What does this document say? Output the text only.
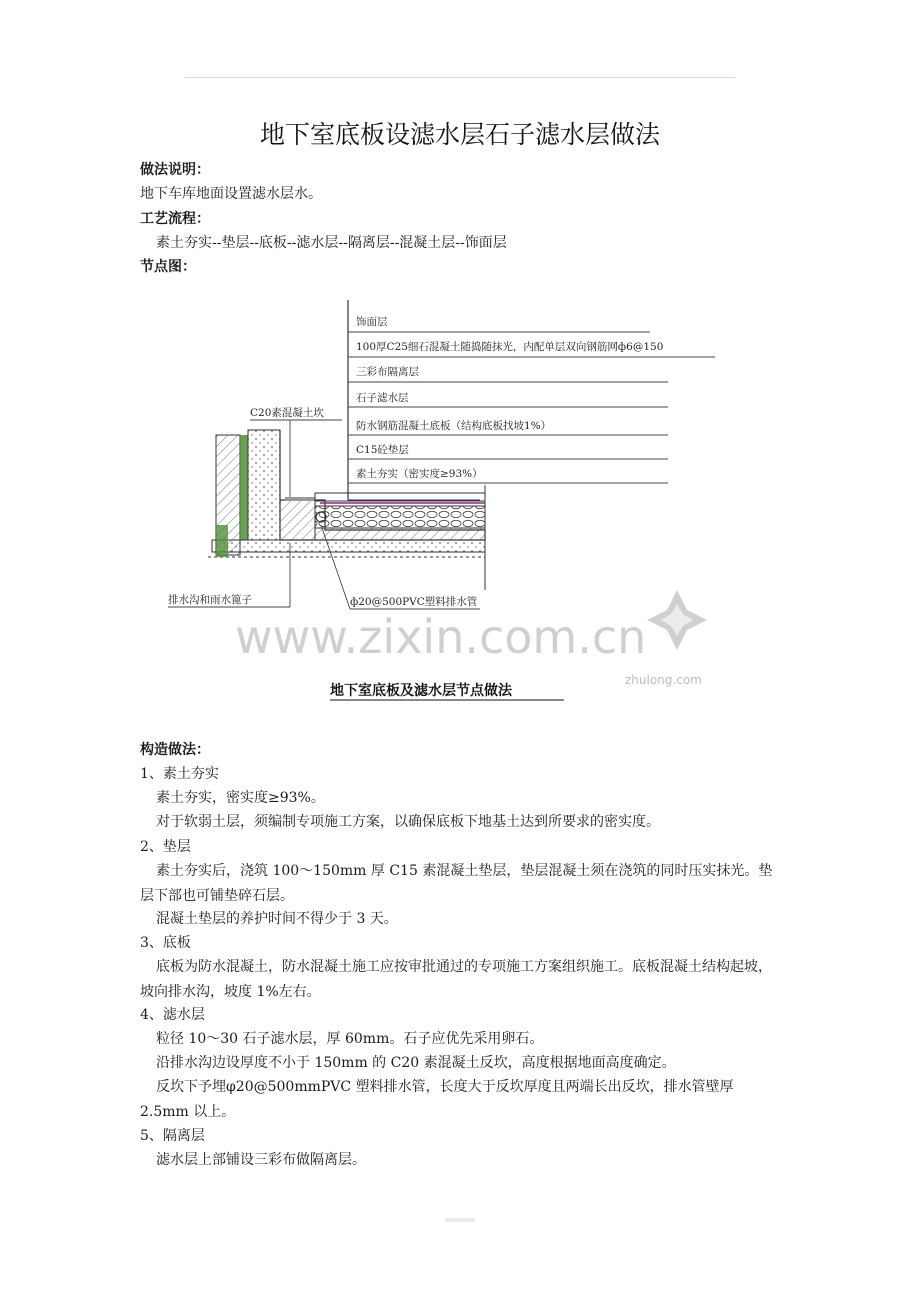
地下室底板设滤水层石子滤水层做法
做法说明：
地下车库地面设置滤水层水。
工艺流程：
素土夯实--垫层--底板--滤水层--隔离层--混凝土层--饰面层
节点图：
饰面层
100厚C25细石混凝土随捣随抹光，内配单层双向钢筋网ф6@150
三彩布隔离层
石子滤水层
防水钢筋混凝土底板（结构底板找坡1%）
C15砼垫层
素土夯实（密实度≥93%）
C20素混凝土坎
排水沟和雨水篦子	ф20@500PVC塑料排水管
www.zixin.com.cn
zhulong.com
地下室底板及滤水层节点做法
构造做法：
1、素土夯实
素土夯实，密实度≥93%。
对于软弱土层，须编制专项施工方案，以确保底板下地基土达到所要求的密实度。
2、垫层
素土夯实后，浇筑 100～150mm 厚 C15 素混凝土垫层，垫层混凝土须在浇筑的同时压实抹光。垫层下部也可铺垫碎石层。
混凝土垫层的养护时间不得少于 3 天。
3、底板
底板为防水混凝土，防水混凝土施工应按审批通过的专项施工方案组织施工。底板混凝土结构起坡，坡向排水沟，坡度 1%左右。
4、滤水层
粒径 10～30 石子滤水层，厚 60mm。石子应优先采用卵石。
沿排水沟边设厚度不小于 150mm 的 C20 素混凝土反坎，高度根据地面高度确定。
反坎下予埋φ20@500mmPVC 塑料排水管，长度大于反坎厚度且两端长出反坎，排水管壁厚 2.5mm 以上。
5、隔离层
滤水层上部铺设三彩布做隔离层。
